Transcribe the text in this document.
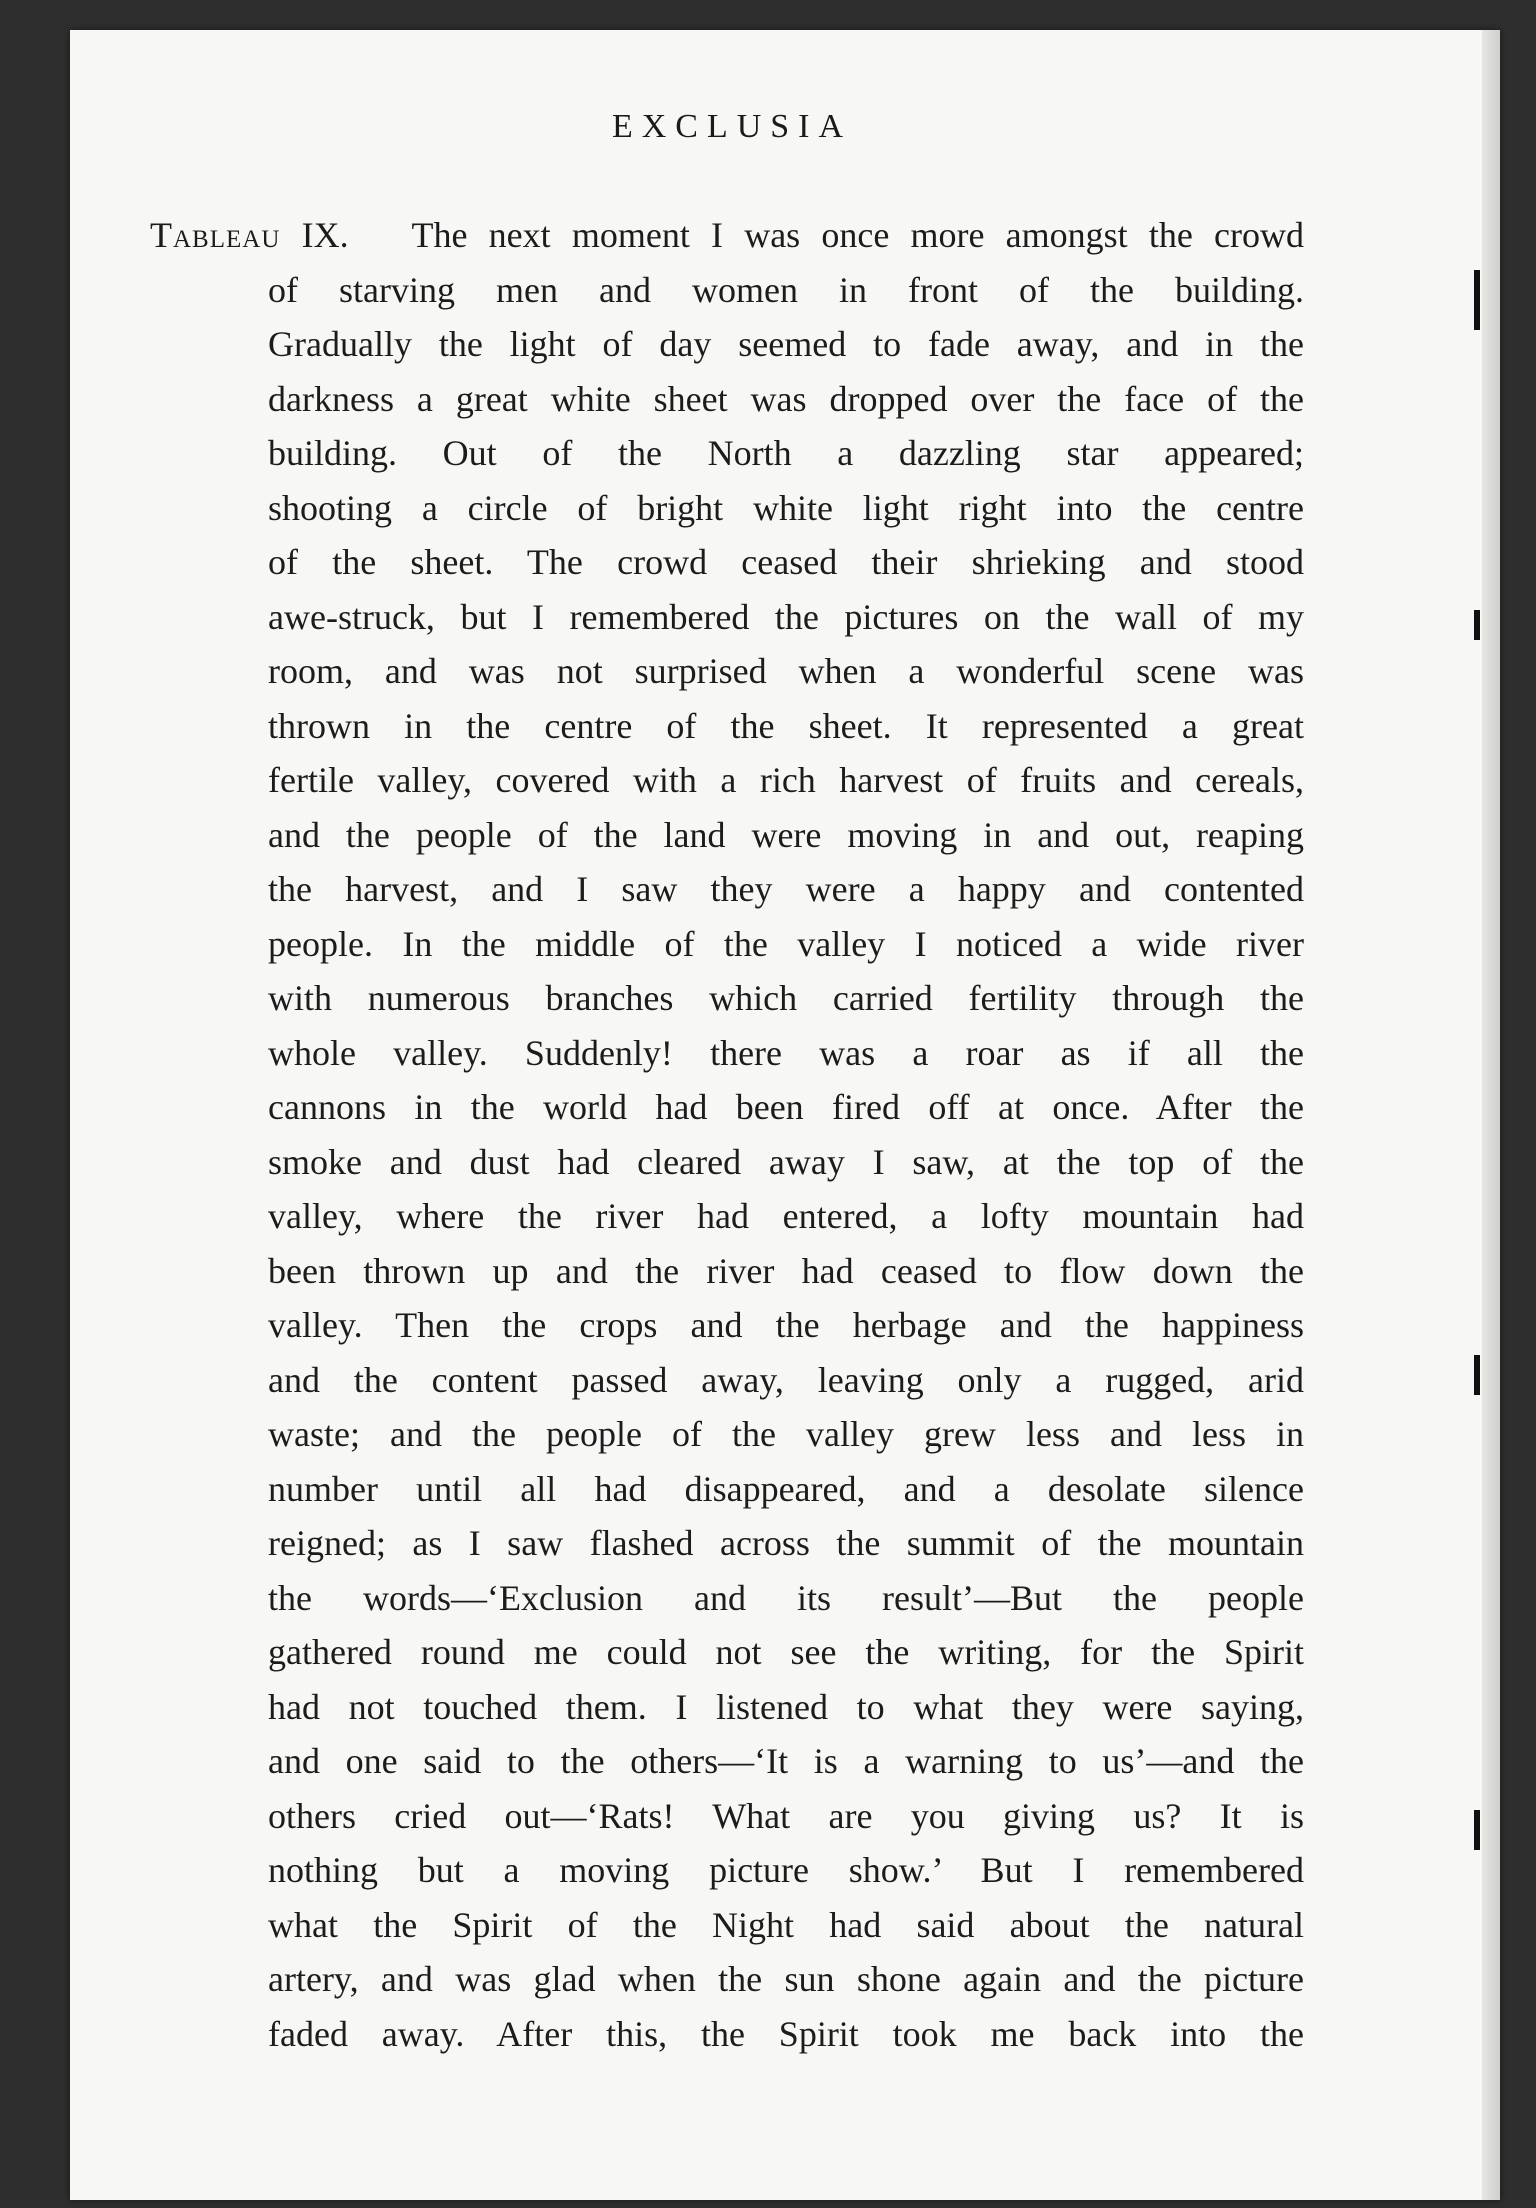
EXCLUSIA
Tableau IX. The next moment I was once more amongst the crowd
of starving men and women in front of the building.
Gradually the light of day seemed to fade away, and in the
darkness a great white sheet was dropped over the face of the
building. Out of the North a dazzling star appeared;
shooting a circle of bright white light right into the centre
of the sheet. The crowd ceased their shrieking and stood
awe-struck, but I remembered the pictures on the wall of my
room, and was not surprised when a wonderful scene was
thrown in the centre of the sheet. It represented a great
fertile valley, covered with a rich harvest of fruits and cereals,
and the people of the land were moving in and out, reaping
the harvest, and I saw they were a happy and contented
people. In the middle of the valley I noticed a wide river
with numerous branches which carried fertility through the
whole valley. Suddenly! there was a roar as if all the
cannons in the world had been fired off at once. After the
smoke and dust had cleared away I saw, at the top of the
valley, where the river had entered, a lofty mountain had
been thrown up and the river had ceased to flow down the
valley. Then the crops and the herbage and the happiness
and the content passed away, leaving only a rugged, arid
waste; and the people of the valley grew less and less in
number until all had disappeared, and a desolate silence
reigned; as I saw flashed across the summit of the mountain
the words—‘Exclusion and its result’—But the people
gathered round me could not see the writing, for the Spirit
had not touched them. I listened to what they were saying,
and one said to the others—‘It is a warning to us’—and the
others cried out—‘Rats! What are you giving us? It is
nothing but a moving picture show.’ But I remembered
what the Spirit of the Night had said about the natural
artery, and was glad when the sun shone again and the picture
faded away. After this, the Spirit took me back into the
